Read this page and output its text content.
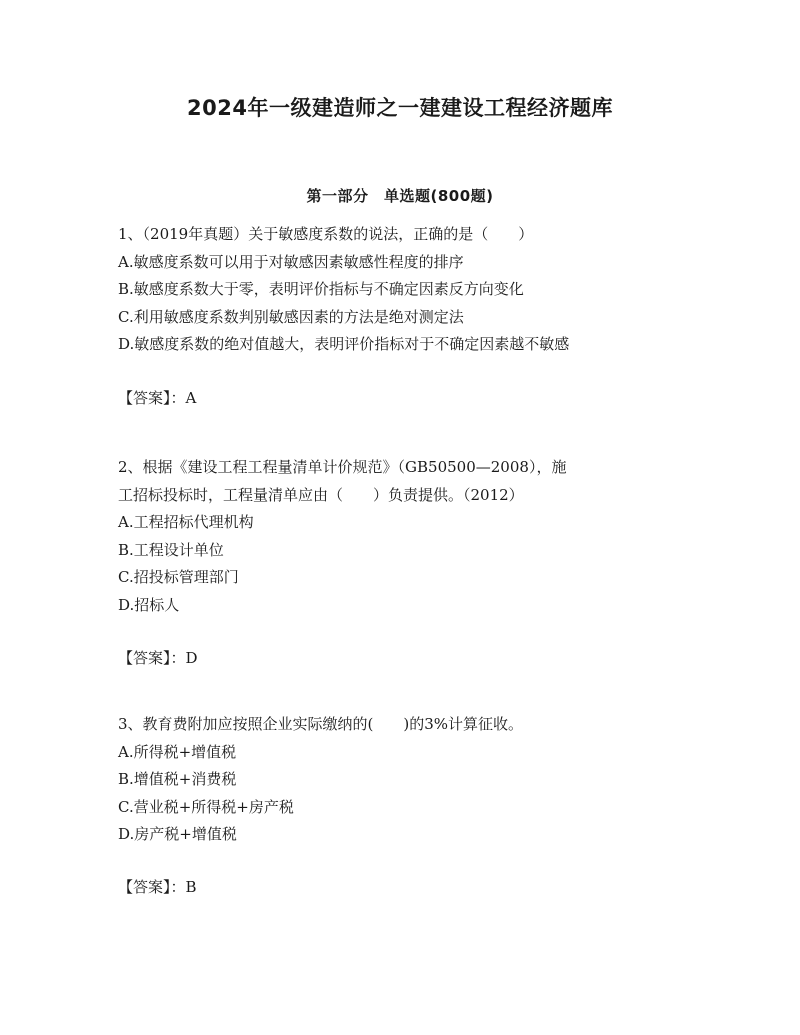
2024年一级建造师之一建建设工程经济题库
第一部分　单选题(800题)
1、（2019年真题）关于敏感度系数的说法，正确的是（　　）
A.敏感度系数可以用于对敏感因素敏感性程度的排序
B.敏感度系数大于零，表明评价指标与不确定因素反方向变化
C.利用敏感度系数判别敏感因素的方法是绝对测定法
D.敏感度系数的绝对值越大，表明评价指标对于不确定因素越不敏感
【答案】：A
2、根据《建设工程工程量清单计价规范》（GB50500—2008），施
工招标投标时，工程量清单应由（　　）负责提供。（2012）
A.工程招标代理机构
B.工程设计单位
C.招投标管理部门
D.招标人
【答案】：D
3、教育费附加应按照企业实际缴纳的(　　)的3%计算征收。
A.所得税+增值税
B.增值税+消费税
C.营业税+所得税+房产税
D.房产税+增值税
【答案】：B
